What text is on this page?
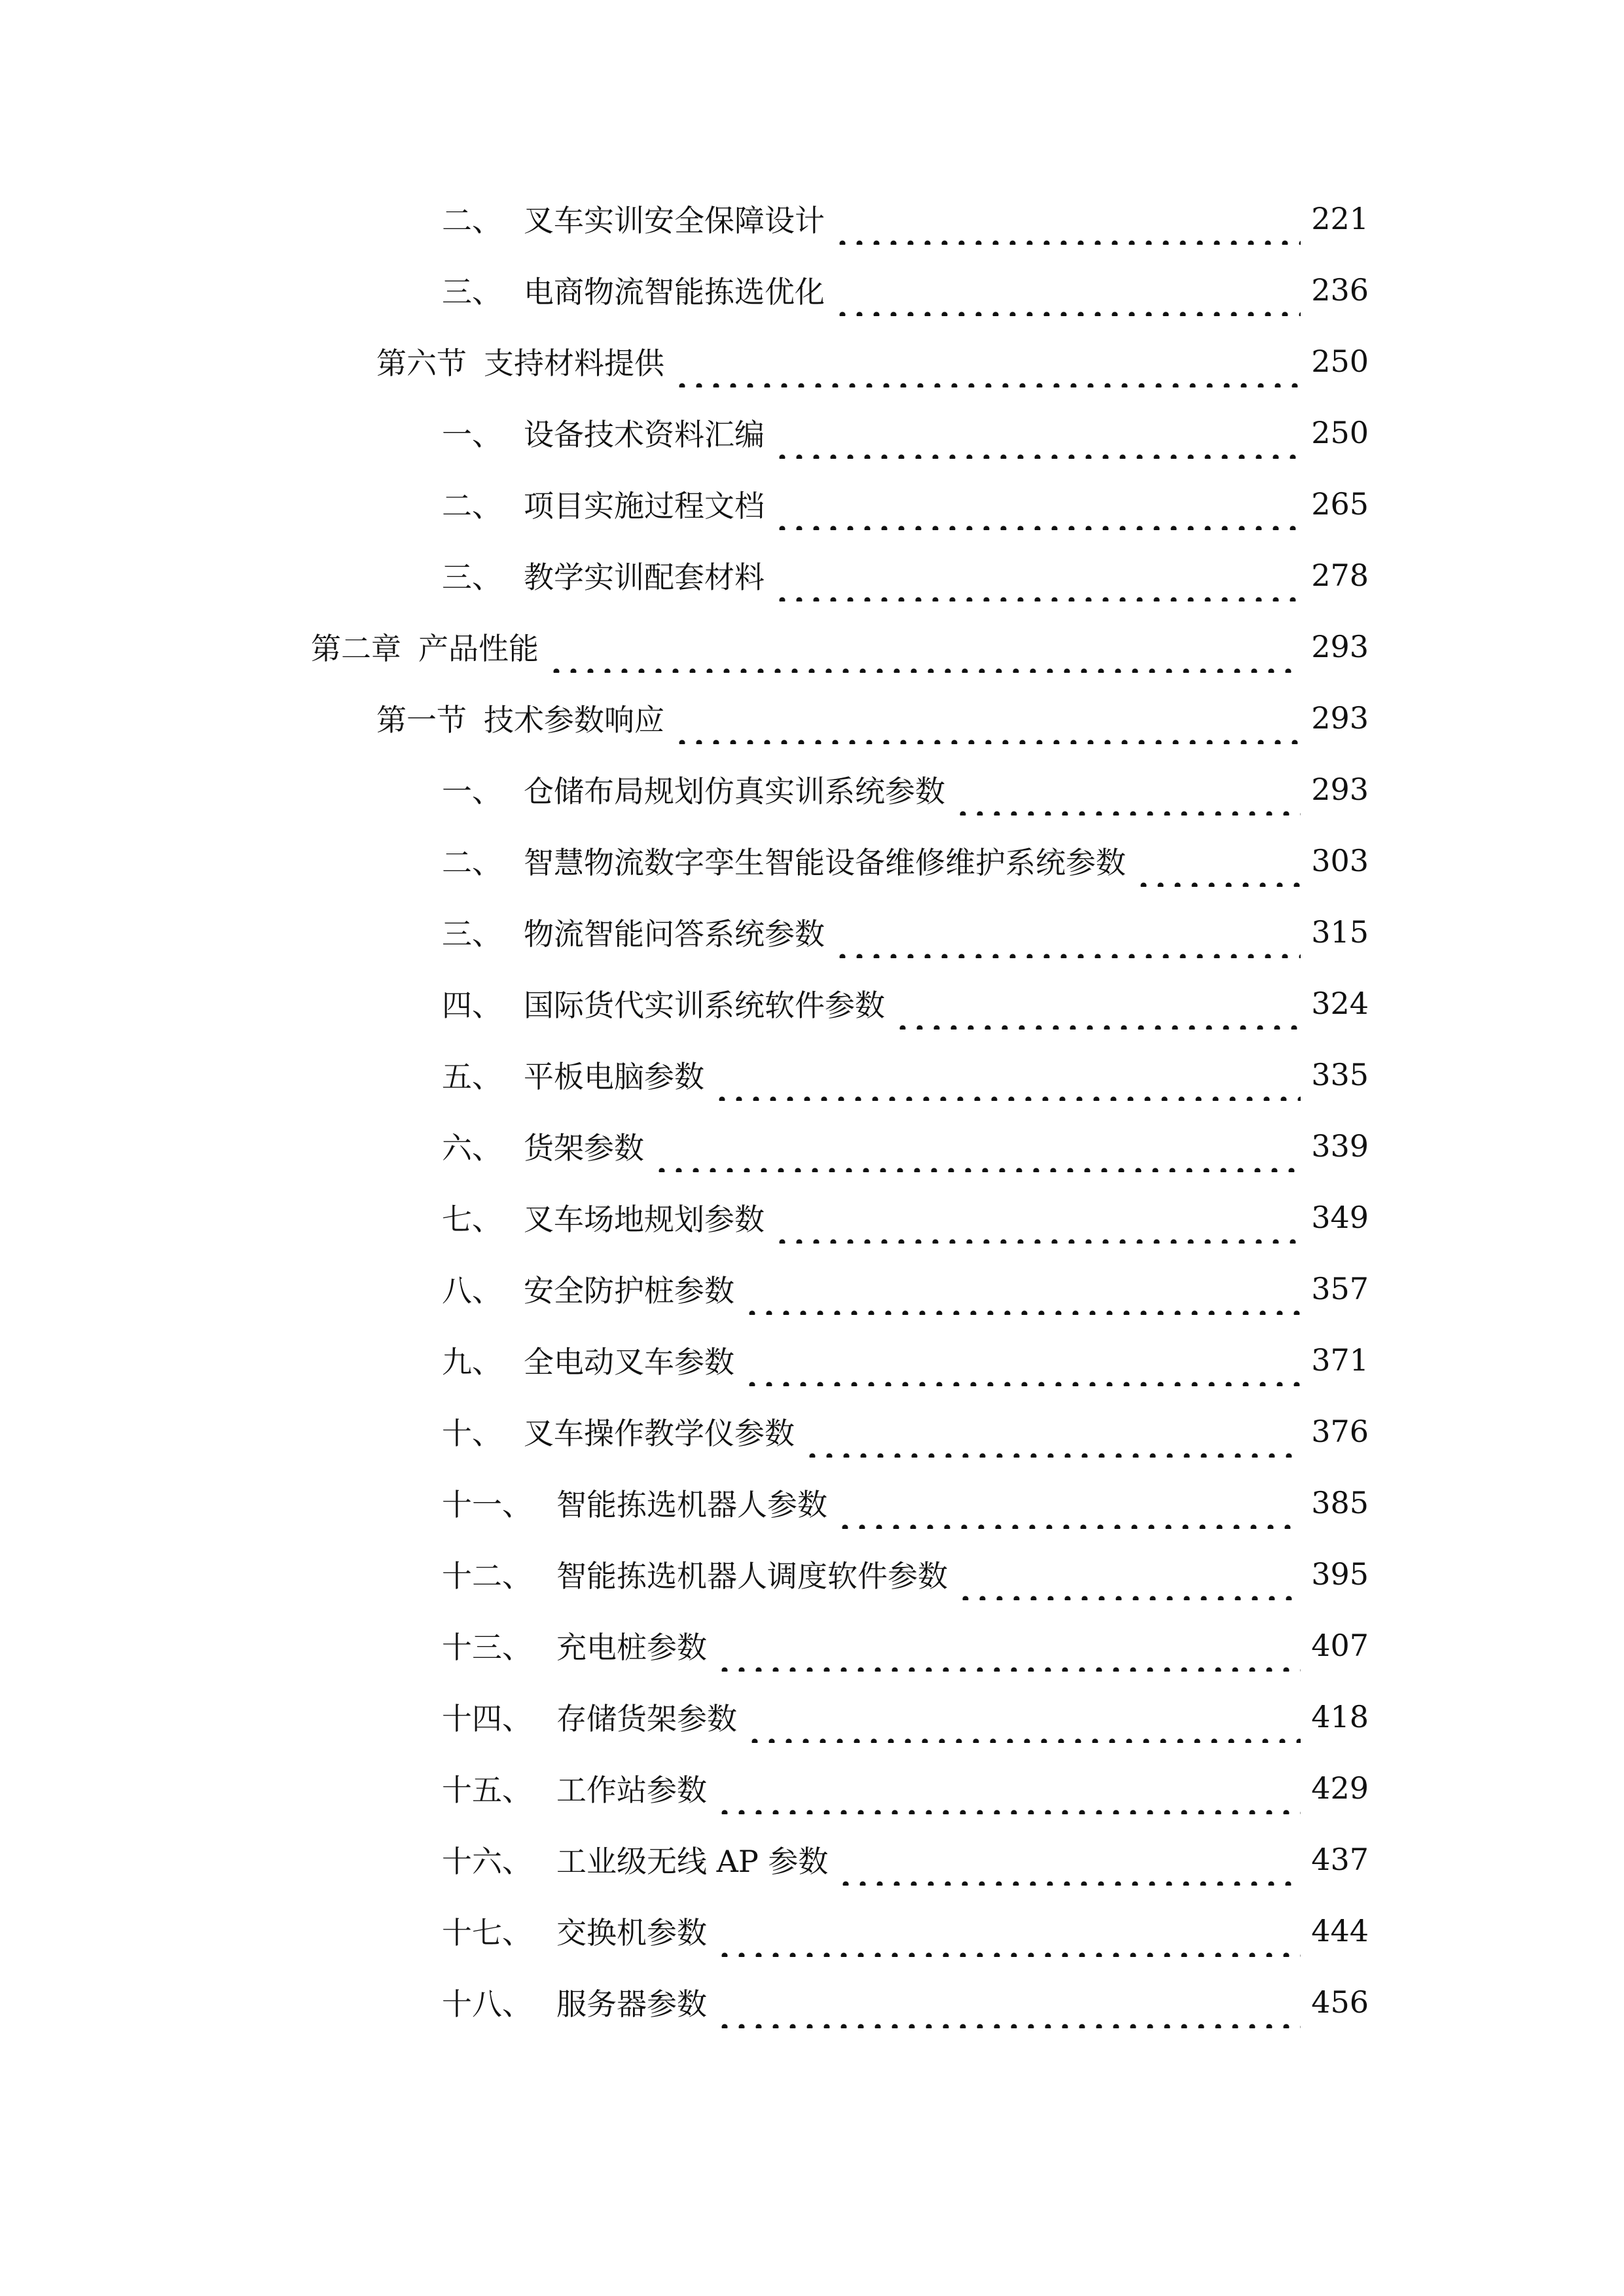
二、 叉车实训安全保障设计	221
三、 电商物流智能拣选优化	236
第六节 支持材料提供	250
一、 设备技术资料汇编	250
二、 项目实施过程文档	265
三、 教学实训配套材料	278
第二章 产品性能	293
第一节 技术参数响应	293
一、 仓储布局规划仿真实训系统参数	293
二、 智慧物流数字孪生智能设备维修维护系统参数	303
三、 物流智能问答系统参数	315
四、 国际货代实训系统软件参数	324
五、 平板电脑参数	335
六、 货架参数	339
七、 叉车场地规划参数	349
八、 安全防护桩参数	357
九、 全电动叉车参数	371
十、 叉车操作教学仪参数	376
十一、 智能拣选机器人参数	385
十二、 智能拣选机器人调度软件参数	395
十三、 充电桩参数	407
十四、 存储货架参数	418
十五、 工作站参数	429
十六、 工业级无线 AP 参数	437
十七、 交换机参数	444
十八、 服务器参数	456
